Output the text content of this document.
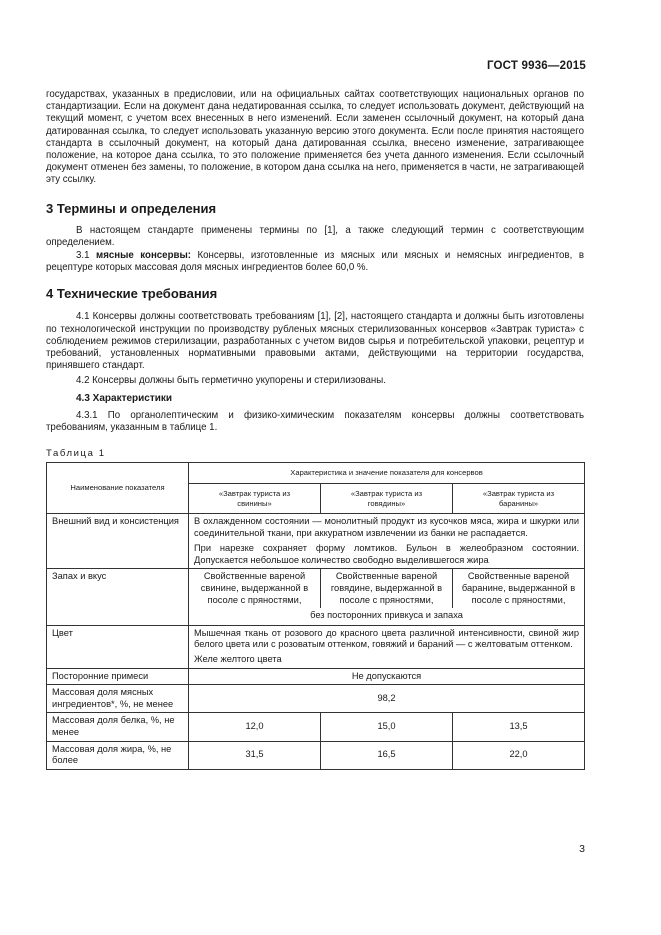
ГОСТ 9936—2015

государствах, указанных в предисловии, или на официальных сайтах соответствующих национальных органов по стандартизации. Если на документ дана недатированная ссылка, то следует использовать документ, действующий на текущий момент, с учетом всех внесенных в него изменений. Если заменен ссылочный документ, на который дана датированная ссылка, то следует использовать указанную версию этого документа. Если после принятия настоящего стандарта в ссылочный документ, на который дана датированная ссылка, внесено изменение, затрагивающее положение, на которое дана ссылка, то это положение применяется без учета данного изменения. Если ссылочный документ отменен без замены, то положение, в котором дана ссылка на него, применяется в части, не затрагивающей эту ссылку.

3 Термины и определения

В настоящем стандарте применены термины по [1], а также следующий термин с соответствующим определением.

3.1 мясные консервы: Консервы, изготовленные из мясных или мясных и немясных ингредиентов, в рецептуре которых массовая доля мясных ингредиентов более 60,0 %.

4 Технические требования

4.1 Консервы должны соответствовать требованиям [1], [2], настоящего стандарта и должны быть изготовлены по технологической инструкции по производству рубленых мясных стерилизованных консервов «Завтрак туриста» с соблюдением режимов стерилизации, разработанных с учетом видов сырья и потребительской упаковки, рецептур и требований, установленных нормативными правовыми актами, действующими на территории государства, принявшего стандарт.

4.2 Консервы должны быть герметично укупорены и стерилизованы.

4.3 Характеристики

4.3.1 По органолептическим и физико-химическим показателям консервы должны соответствовать требованиям, указанным в таблице 1.

Таблица 1
Наименование показателя	Характеристика и значение показателя для консервов		
	«Завтрак туриста из свинины»	«Завтрак туриста из говядины»	«Завтрак туриста из баранины»
Внешний вид и консистенция	В охлажденном состоянии — монолитный продукт из кусочков мяса, жира и шкурки или соединительной ткани, при аккуратном извлечении из банки не распадается.
При нарезке сохраняет форму ломтиков. Бульон в желеобразном состоянии. Допускается небольшое количество свободно выделившегося жира		

Запах и вкус	Свойственные вареной свинине, выдержанной в посоле с пряностями,	Свойственные вареной говядине, выдержанной в посоле с пряностями,	Свойственные вареной баранине, выдержанной в посоле с пряностями,
	без посторонних привкуса и запаха		
Цвет	Мышечная ткань от розового до красного цвета различной интенсивности, свиной жир белого цвета или с розоватым оттенком, говяжий и бараний — с желтоватым оттенком.
Желе желтого цвета		

Посторонние примеси	Не допускаются		
Массовая доля мясных ингредиентов*, %, не менее	98,2		
Массовая доля белка, %, не менее	12,0	15,0	13,5
Массовая доля жира, %, не более	31,5	16,5	22,0
3
